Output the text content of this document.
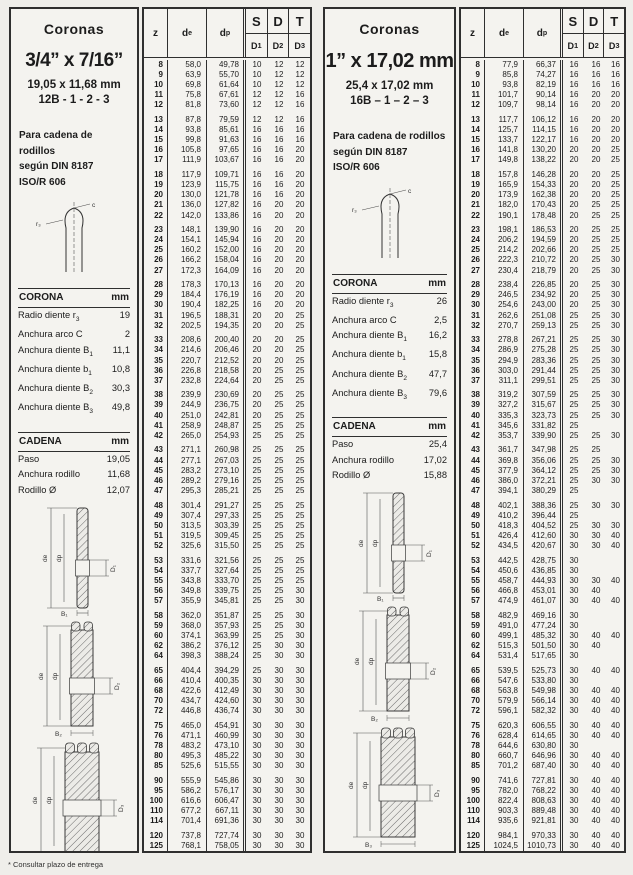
Coronas
3/4” x 7/16”
19,05 x 11,68 mm
12B - 1 - 2 - 3
Para cadena de rodillos
según DIN 8187
ISO/R 606
c
r₃
CORONA	mm
Radio diente $r_3$	19
Anchura arco C	2
Anchura diente $B_1$ 11,1
Anchura diente $b_1$ 10,8
Anchura diente $B_2$ 30,3
Anchura diente $B_3$ 49,8
CADENA	mm
Paso	19,05
Anchura rodillo	11,68
Rodillo Ø	12,07
de dp
D₁
B₁
de dp
D₂
B₂
de dp
D₃
z d e	d p
S D	T
D 1 D 2 D 3
8	58,0	49,78	10	12	12
9	63,9	55,70	10	12	12
10	69,8	61,64	10	12	12
11	75,8	67,61	12	12	16
12	81,8	73,60	12	12	16
13	87,8	79,59	12	12	16
14	93,8	85,61	16	16	16
15	99,8	91,63	16	16	16
16	105,8	97,65	16	16	20
17	111,9	103,67	16	16	20
18	117,9	109,71	16	16	20
19	123,9	115,75	16	16	20
20	130,0	121,78	16	16	20
21	136,0	127,82	16	20	20
22	142,0	133,86	16	20	20
23	148,1	139,90	16	20	20
24	154,1	145,94	16	20	20
25	160,2	152,00	16	20	20
26	166,2	158,04	16	20	20
27	172,3	164,09	16	20	20
28	178,3	170,13	16	20	20
29	184,4	176,19	16	20	20
30	190,4	182,25	16	20	20
31	196,5	188,31	20	20	25
32	202,5	194,35	20	20	25
33	208,6	200,40	20	20	25
34	214,6	206,46	20	20	25
35	220,7	212,52	20	20	25
36	226,8	218,58	20	25	25
37	232,8	224,64	20	25	25
38	239,9	230,69	20	25	25
39	244,9	236,75	20	25	25
40	251,0	242,81	20	25	25
41	258,9	248,87	25	25	25
42	265,0	254,93	25	25	25
43	271,1	260,98	25	25	25
44	277,1	267,03	25	25	25
45	283,2	273,10	25	25	25
46	289,2	279,16	25	25	25
47	295,3	285,21	25	25	25
48	301,4	291,27	25	25	25
49	307,4	297,33	25	25	25
50	313,5	303,39	25	25	25
51	319,5	309,45	25	25	25
52	325,6	315,50	25	25	25
53	331,6	321,56	25	25	25
54	337,7	327,64	25	25	25
55	343,8	333,70	25	25	25
56	349,8	339,75	25	25	30
57	355,9	345,81	25	25	30
58	362,0	351,87	25	25	30
59	368,0	357,93	25	25	30
60	374,1	363,99	25	25	30
62	386,2	376,12	25	30	30
64	398,3	388,24	25	30	30
65	404,4	394,29	25	30	30
66	410,4	400,35	30	30	30
68	422,6	412,49	30	30	30
70	434,7	424,60	30	30	30
72	446,8	436,74	30	30	30
75	465,0	454,91	30	30	30
76	471,1	460,99	30	30	30
78	483,2	473,10	30	30	30
80	495,3	485,22	30	30	30
85	525,6	515,55	30	30	30
90	555,9	545,86	30	30	30
95	586,2	576,17	30	30	30
100	616,6	606,47	30	30	30
110	677,2	667,11	30	30	30
114	701,4	691,36	30	30	30
120	737,8	727,74	30	30	30
125	768,1	758,05	30	30	30
Coronas
1” x 17,02 mm
25,4 x 17,02 mm
16B – 1 – 2 – 3
Para cadena de rodillos
según DIN 8187
ISO/R 606
c
r₃
CORONA	mm
Radio diente $r_3$	26
Anchura arco C	2,5
Anchura diente $B_1$ 16,2
Anchura diente $b_1$ 15,8
Anchura diente $B_2$ 47,7
Anchura diente $B_3$ 79,6
CADENA	mm
Paso	25,4
Anchura rodillo	17,02
Rodillo Ø	15,88
de dp
D₁
B₁
de dp
D₂
B₂
de dp
D₃
B₃
z d e	d p
S D T
D 1 D 2 D 3
8	77,9	66,37	16	16	16
9	85,8	74,27	16	16	16
10	93,8	82,19	16	16	16
11	101,7	90,14	16	20	20
12	109,7	98,14	16	20	20
13	117,7	106,12	16	20	20
14	125,7	114,15	16	20	20
15	133,7	122,17	16	20	20
16	141,8	130,20	20	20	25
17	149,8	138,22	20	20	25
18	157,8	146,28	20	20	25
19	165,9	154,33	20	20	25
20	173,9	162,38	20	20	25
21	182,0	170,43	20	25	25
22	190,1	178,48	20	25	25
23	198,1	186,53	20	25	25
24	206,2	194,59	20	25	25
25	214,2	202,66	20	25	25
26	222,3	210,72	20	25	30
27	230,4	218,79	20	25	30
28	238,4	226,85	20	25	30
29	246,5	234,92	20	25	30
30	254,6	243,00	20	25	30
31	262,6	251,08	25	25	30
32	270,7	259,13	25	25	30
33	278,8	267,21	25	25	30
34	286,9	275,28	25	25	30
35	294,9	283,36	25	25	30
36	303,0	291,44	25	25	30
37	311,1	299,51	25	25	30
38	319,2	307,59	25	25	30
39	327,2	315,67	25	25	30
40	335,3	323,73	25	25	30
41	345,6	331,82	25
42	353,7	339,90	25	25	30
43	361,7	347,98	25	25
44	369,8	356,06	25	25	30
45	377,9	364,12	25	25	30
46	386,0	372,21	25	30	30
47	394,1	380,29	25
48	402,1	388,36	25	30	30
49	410,2	396,44	25
50	418,3	404,52	25	30	30
51	426,4	412,60	30	30	40
52	434,5	420,67	30	30	40
53	442,5	428,75	30
54	450,6	436,85	30
55	458,7	444,93	30	30	40
56	466,8	453,01	30	40
57	474,9	461,07	30	40	40
58	482,9	469,16	30
59	491,0	477,24	30
60	499,1	485,32	30	40	40
62	515,3	501,50	30	40
64	531,4	517,65	30
65	539,5	525,73	30	40	40
66	547,6	533,80	30
68	563,8	549,98	30	40	40
70	579,9	566,14	30	40	40
72	596,1	582,32	30	40	40
75	620,3	606,55	30	40	40
76	628,4	614,65	30	40	40
78	644,6	630,80	30
80	660,7	646,96	30	40	40
85	701,2	687,40	30	40	40
90	741,6	727,81	30	40	40
95	782,0	768,22	30	40	40
100	822,4	808,63	30	40	40
110	903,3	889,48	30	40	40
114	935,6	921,81	30	40	40
120	984,1	970,33	30	40	40
125	1024,5	1010,73	30	40	40
* Consultar plazo de entrega
